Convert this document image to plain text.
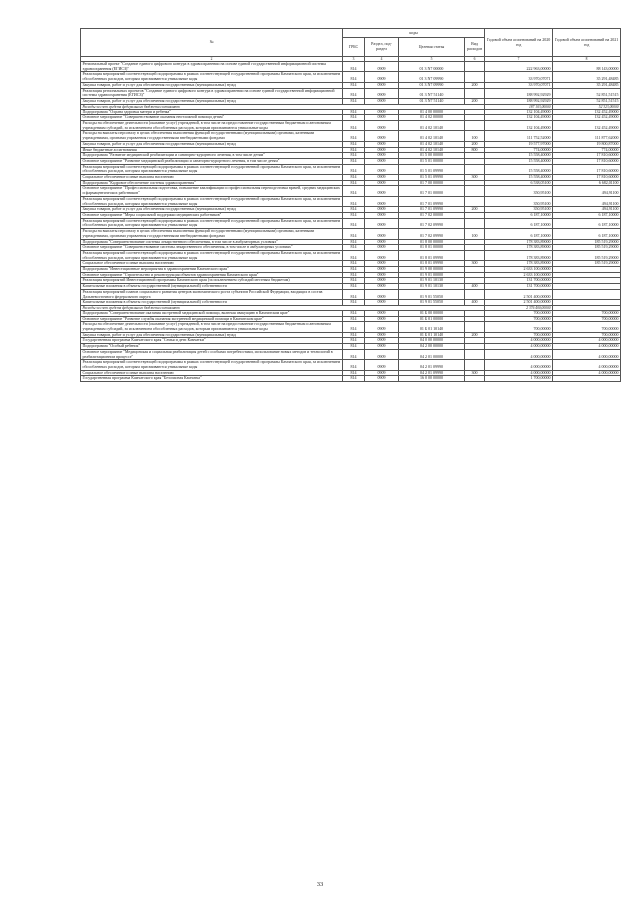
№	коды				Годовой объем ассигнований на 2020 год	Годовой объем ассигнований на 2021 год
	ГРБС	Раздел, под- раздел	Целевая статья	Вид расходов		
2	3	4	5	6	7	8
Региональный проект "Создание единого цифрового контура в здравоохранении на основе единой государственной информационной системы здравоохранения (ЕГИСЗ)"	814	0909	01 3 N7 00000		222 963,00000	88 143,00000
Реализация мероприятий соответствующей подпрограммы в рамках соответствующей государственной программы Камчатского края, за исключением обособленных расходов, которым присваиваются уникальные коды	814	0909	01 3 N7 09990		33 970,07071	35 291,48485
Закупка товаров, работ и услуг для обеспечения государственных (муниципальных) нужд	814	0909	01 3 N7 09990	200	33 970,07071	35 291,48485
Реализация региональных проектов "Создание единого цифрового контура в здравоохранении на основе единой государственной информационной системы здравоохранения (ЕГИСЗ)"	814	0909	01 3 N7 51140		188 992,92929	52 851,51515
Закупка товаров, работ и услуг для обеспечения государственных (муниципальных) нужд	814	0909	01 3 N7 51140	200	188 992,92929	52 851,51515
Расходы за счет средств федерального бюджета составляют					187 103,00000	52 323,00000
Подпрограмма "Охрана здоровья матери и ребенка"	814	0909	01 4 00 00000		132 104,49000	132 452,49000
Основное мероприятие "Совершенствование оказания неотложной помощи детям"	814	0909	01 4 02 00000		132 104,49000	132 452,49000
Расходы на обеспечение деятельности (оказание услуг) учреждений, в том числе на предоставление государственным бюджетным и автономным учреждениям субсидий, за исключением обособленных расходов, которым присваиваются уникальные коды	814	0909	01 4 02 10140		132 104,49000	132 452,49000
Расходы на выплаты персоналу в целях обеспечения выполнения функций государственными (муниципальными) органами, казенными учреждениями, органами управления государственными внебюджетными фондами	814	0909	01 4 02 10140	100	111 752,52000	111 877,62000
Закупка товаров, работ и услуг для обеспечения государственных (муниципальных) нужд	814	0909	01 4 02 10140	200	19 577,97000	19 800,87000
Иные бюджетные ассигнования	814	0909	01 4 02 10140	800	774,00000	774,00000
Подпрограмма "Развитие медицинской реабилитации и санаторно-курортного лечения, в том числе детям"	814	0909	01 5 00 00000		15 558,40000	17 810,60000
Основное мероприятие "Развитие медицинской реабилитации и санаторно-курортного лечения, в том числе детям"	814	0909	01 5 01 00000		15 558,40000	17 810,60000
Реализация мероприятий соответствующей подпрограммы в рамках соответствующей государственной программы Камчатского края, за исключением обособленных расходов, которым присваиваются уникальные коды	814	0909	01 5 01 09990		15 558,40000	17 810,60000
Социальное обеспечение и иные выплаты населению	814	0909	01 5 01 09990	300	15 558,40000	17 810,60000
Подпрограмма "Кадровое обеспечение системы здравоохранения"	814	0909	01 7 00 00000		6 538,05100	6 682,01100
Основное мероприятие "Профессиональная подготовка, повышение квалификации и профессиональная переподготовка врачей, средних медицинских и фармацевтических работников"	814	0909	01 7 01 00000		350,95100	494,91100
Реализация мероприятий соответствующей подпрограммы в рамках соответствующей государственной программы Камчатского края, за исключением обособленных расходов, которым присваиваются уникальные коды	814	0909	01 7 01 09990		350,95100	494,91100
Закупка товаров, работ и услуг для обеспечения государственных (муниципальных) нужд	814	0909	01 7 01 09990	200	350,95100	494,91100
Основное мероприятие "Меры социальной поддержки медицинских работников"	814	0909	01 7 02 00000		6 187,10000	6 187,10000
Реализация мероприятий соответствующей подпрограммы в рамках соответствующей государственной программы Камчатского края, за исключением обособленных расходов, которым присваиваются уникальные коды	814	0909	01 7 02 09990		6 187,10000	6 187,10000
Расходы на выплаты персоналу в целях обеспечения выполнения функций государственными (муниципальными) органами, казенными учреждениями, органами управления государственными внебюджетными фондами	814	0909	01 7 02 09990	100	6 187,10000	6 187,10000
Подпрограмма "Совершенствование системы лекарственного обеспечения, в том числе в амбулаторных условиях"	814	0909	01 8 00 00000		178 383,89000	185 519,29000
Основное мероприятие "Совершенствование системы лекарственного обеспечения, в том числе в амбулаторных условиях"	814	0909	01 8 01 00000		178 383,89000	185 519,29000
Реализация мероприятий соответствующей подпрограммы в рамках соответствующей государственной программы Камчатского края, за исключением обособленных расходов, которым присваиваются уникальные коды	814	0909	01 8 01 09990		178 383,89000	185 519,29000
Социальное обеспечение и иные выплаты населению	814	0909	01 8 01 09990	300	178 383,89000	185 519,29000
Подпрограмма "Инвестиционные мероприятия в здравоохранении Камчатского края"	814	0909	01 9 00 00000		2 633 100,00000	
Основное мероприятие "Строительство и реконструкция объектов здравоохранения Камчатского края"	814	0909	01 9 01 00000		2 633 100,00000	
Реализация мероприятий Инвестиционной программы Камчатского края (за исключением субсидий местным бюджетам)	814	0909	01 9 01 10130		131 700,00000	
Капитальные вложения в объекты государственной (муниципальной) собственности	814	0909	01 9 01 10130	400	131 700,00000	
Реализация мероприятий планов социального развития центров экономического роста субъектов Российской Федерации, входящих в состав Дальневосточного федерального округа	814	0909	01 9 01 55050		2 501 400,00000	
Капитальные вложения в объекты государственной (муниципальной) собственности	814	0909	01 9 01 55050	400	2 501 400,00000	
Расходы за счет средств федерального бюджета составляют					2 376 400,00000	
Подпрограмма "Совершенствование оказания экстренной медицинской помощи, включая эвакуацию в Камчатском крае"	814	0909	01 Б 00 00000		700,00000	700,00000
Основное мероприятие "Развитие службы оказания экстренной медицинской помощи в Камчатском крае"	814	0909	01 Б 01 00000		700,00000	700,00000
Расходы на обеспечение деятельности (оказание услуг) учреждений, в том числе на предоставление государственным бюджетным и автономным учреждениям субсидий, за исключением обособленных расходов, которым присваиваются уникальные коды	814	0909	01 Б 01 10140		700,00000	700,00000
Закупка товаров, работ и услуг для обеспечения государственных (муниципальных) нужд	814	0909	01 Б 01 10140	200	700,00000	700,00000
Государственная программа Камчатского края "Семья и дети Камчатки"	814	0909	04 0 00 00000		4 000,00000	4 000,00000
Подпрограмма "Особый ребенок"	814	0909	04 2 00 00000		4 000,00000	4 000,00000
Основное мероприятие "Медицинская и социальная реабилитация детей с особыми потребностями, использование новых методов и технологий в реабилитационном процессе"	814	0909	04 2 01 00000		4 000,00000	4 000,00000
Реализация мероприятий соответствующей подпрограммы в рамках соответствующей государственной программы Камчатского края, за исключением обособленных расходов, которым присваиваются уникальные коды	814	0909	04 2 01 09990		4 000,00000	4 000,00000
Социальное обеспечение и иные выплаты населению	814	0909	04 2 01 09990	300	4 000,00000	4 000,00000
Государственная программа Камчатского края "Безопасная Камчатка"	814	0909	16 0 00 00000		1 700,00000	
33
